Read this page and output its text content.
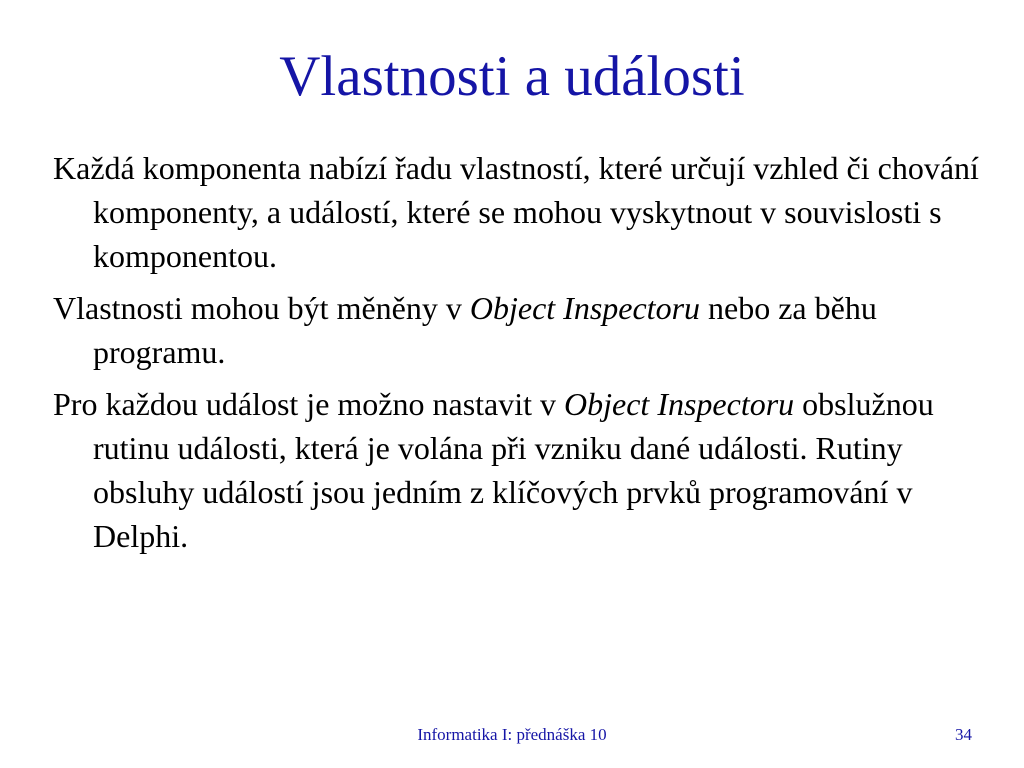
Vlastnosti a události
Každá komponenta nabízí řadu vlastností, které určují vzhled či chování komponenty, a událostí, které se mohou vyskytnout v souvislosti s komponentou.
Vlastnosti mohou být měněny v Object Inspectoru nebo za běhu programu.
Pro každou událost je možno nastavit v Object Inspectoru obslužnou rutinu události, která je volána při vzniku dané události. Rutiny obsluhy událostí jsou jedním z klíčových prvků programování v Delphi.
Informatika I: přednáška 10	34
